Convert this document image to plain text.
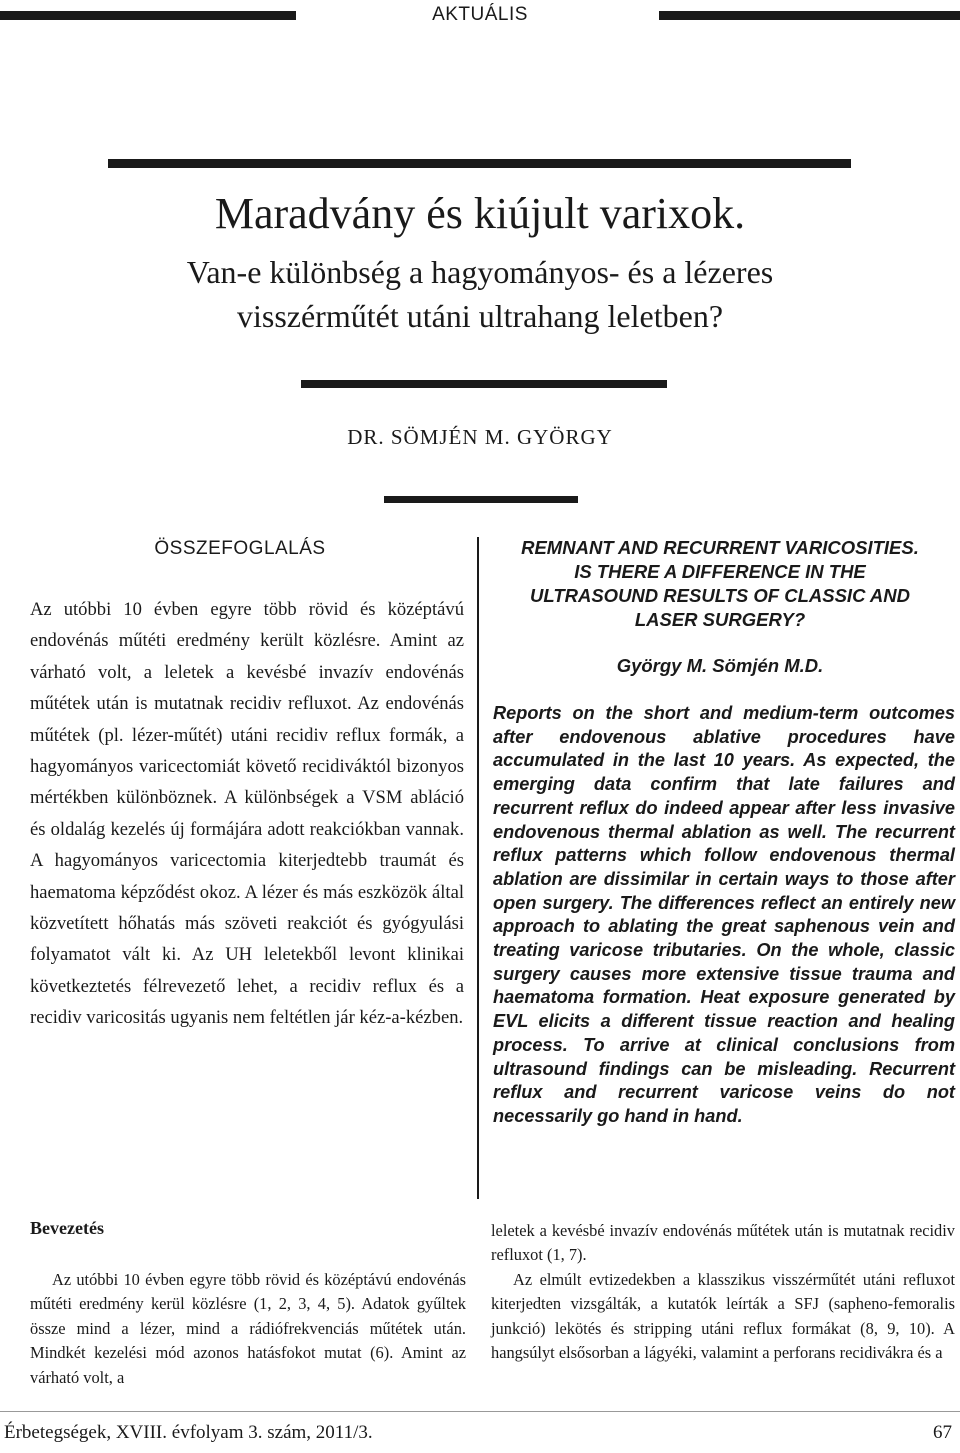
AKTUÁLIS
Maradvány és kiújult varixok.
Van-e különbség a hagyományos- és a lézeres
visszérműtét utáni ultrahang leletben?
DR. SÖMJÉN M. GYÖRGY
ÖSSZEFOGLALÁS
Az utóbbi 10 évben egyre több rövid és középtávú endovénás műtéti eredmény került közlésre. Amint az várható volt, a leletek a kevésbé invazív endovénás műtétek után is mutatnak recidiv refluxot. Az endovénás műtétek (pl. lézer-műtét) utáni recidiv reflux formák, a hagyományos varicectomiát követő recidiváktól bizonyos mértékben különböznek. A különbségek a VSM abláció és oldalág kezelés új formájára adott reakciókban vannak. A hagyományos varicectomia kiterjedtebb traumát és haematoma képződést okoz. A lézer és más eszközök által közvetített hőhatás más szöveti reakciót és gyógyulási folyamatot vált ki. Az UH leletekből levont klinikai következtetés félrevezető lehet, a recidiv reflux és a recidiv varicositás ugyanis nem feltétlen jár kéz-a-kézben.
REMNANT AND RECURRENT VARICOSITIES.
IS THERE A DIFFERENCE IN THE
ULTRASOUND RESULTS OF CLASSIC AND
LASER SURGERY?
György M. Sömjén M.D.
Reports on the short and medium-term outcomes after endovenous ablative procedures have accumulated in the last 10 years. As expected, the emerging data confirm that late failures and recurrent reflux do indeed appear after less invasive endovenous thermal ablation as well. The recurrent reflux patterns which follow endovenous thermal ablation are dissimilar in certain ways to those after open surgery. The differences reflect an entirely new approach to ablating the great saphenous vein and treating varicose tributaries. On the whole, classic surgery causes more extensive tissue trauma and haematoma formation. Heat exposure generated by EVL elicits a different tissue reaction and healing process. To arrive at clinical conclusions from ultrasound findings can be misleading. Recurrent reflux and recurrent varicose veins do not necessarily go hand in hand.
Bevezetés

Az utóbbi 10 évben egyre több rövid és középtávú endovénás műtéti eredmény kerül közlésre (1, 2, 3, 4, 5). Adatok gyűltek össze mind a lézer, mind a rádiófrekvenciás műtétek után. Mindkét kezelési mód azonos hatásfokot mutat (6). Amint az várható volt, a

leletek a kevésbé invazív endovénás műtétek után is mutatnak recidiv refluxot (1, 7).

Az elmúlt evtizedekben a klasszikus visszérműtét utáni refluxot kiterjedten vizsgálták, a kutatók leírták a SFJ (sapheno-femoralis junkció) lekötés és stripping utáni reflux formákat (8, 9, 10). A hangsúlyt elsősorban a lágyéki, valamint a perforans recidivákra és a

Érbetegségek, XVIII. évfolyam 3. szám, 2011/3.	67
